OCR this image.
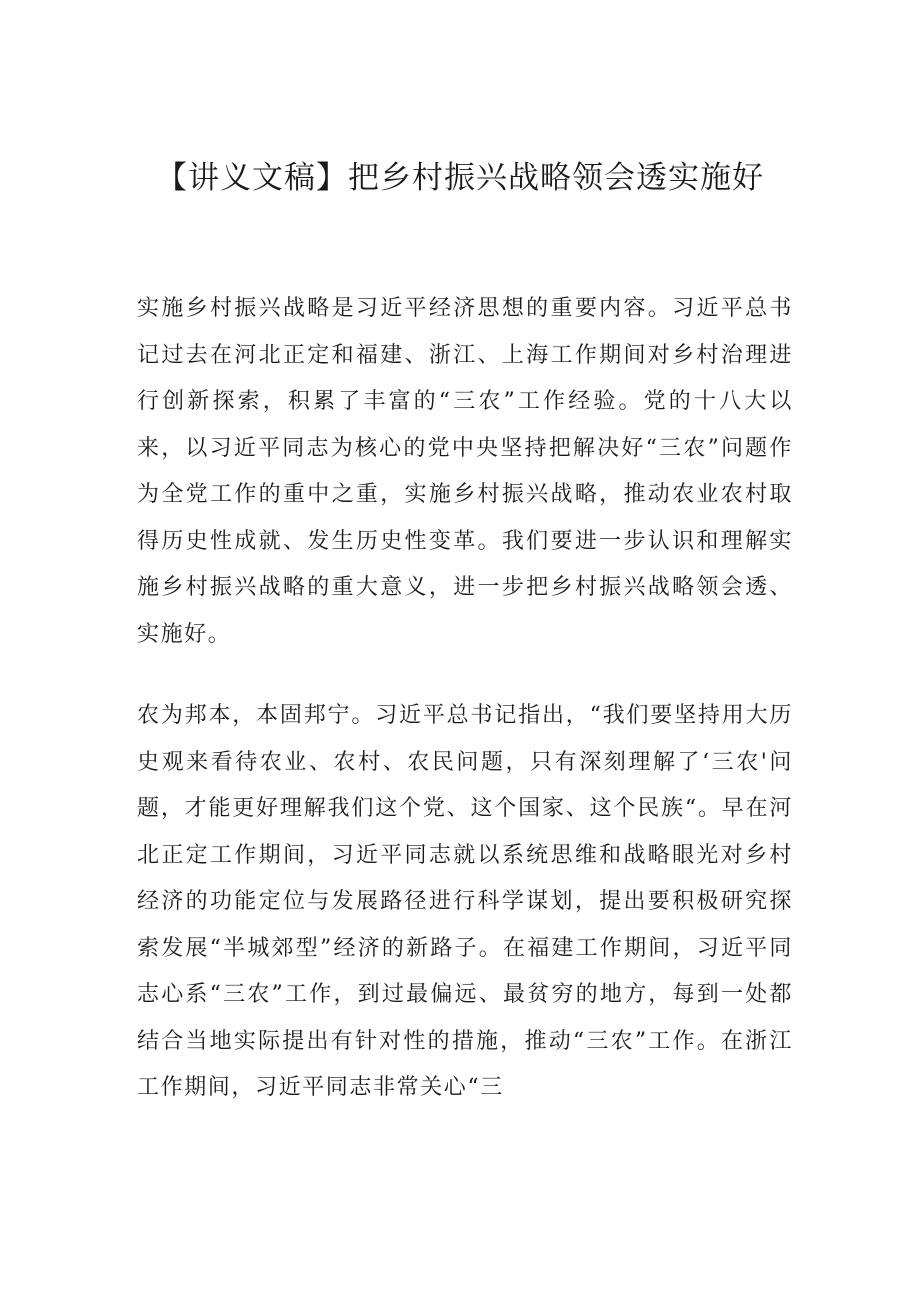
【讲义文稿】把乡村振兴战略领会透实施好

实施乡村振兴战略是习近平经济思想的重要内容。习近平总书记过去在河北正定和福建、浙江、上海工作期间对乡村治理进行创新探索，积累了丰富的“三农”工作经验。党的十八大以来，以习近平同志为核心的党中央坚持把解决好“三农”问题作为全党工作的重中之重，实施乡村振兴战略，推动农业农村取得历史性成就、发生历史性变革。我们要进一步认识和理解实施乡村振兴战略的重大意义，进一步把乡村振兴战略领会透、实施好。

农为邦本，本固邦宁。习近平总书记指出，“我们要坚持用大历史观来看待农业、农村、农民问题，只有深刻理解了‘三农'问题，才能更好理解我们这个党、这个国家、这个民族“。早在河北正定工作期间，习近平同志就以系统思维和战略眼光对乡村经济的功能定位与发展路径进行科学谋划，提出要积极研究探索发展“半城郊型”经济的新路子。在福建工作期间，习近平同志心系“三农”工作，到过最偏远、最贫穷的地方，每到一处都结合当地实际提出有针对性的措施，推动“三农”工作。在浙江工作期间，习近平同志非常关心“三
